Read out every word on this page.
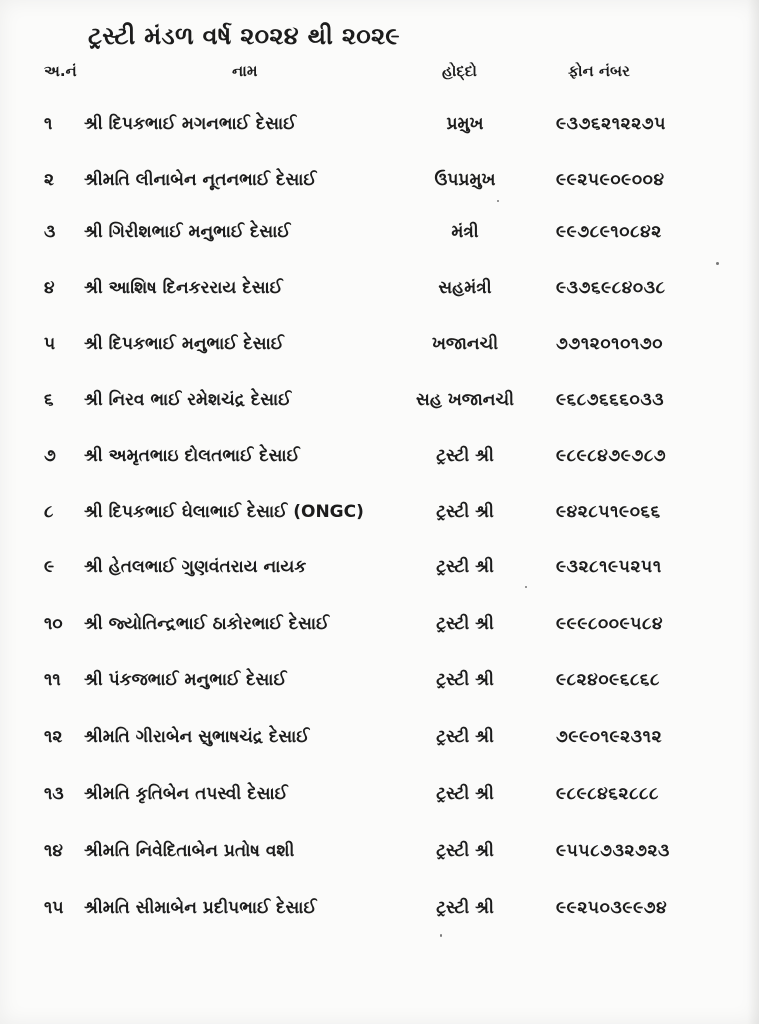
ટ્રસ્ટી મંડળ વર્ષ ૨૦૨૪ થી ૨૦૨૯
અ.નં	નામ	હોદ્દો	ફોન નંબર
૧ શ્રી દિપકભાઈ મગનભાઈ દેસાઈ	પ્રમુખ	૯૩૭૬૨૧૨૨૭૫
૨ શ્રીમતિ લીનાબેન નૂતનભાઈ દેસાઈ	ઉપપ્રમુખ	૯૯૨૫૯૦૯૦૦૪
૩ શ્રી ગિરીશભાઈ મનુભાઈ દેસાઈ	મંત્રી	૯૯૭૮૯૧૦૮૪૨
૪ શ્રી આશિષ દિનકરરાય દેસાઈ	સહમંત્રી	૯૩૭૬૯૮૪૦૩૮
૫ શ્રી દિપકભાઈ મનુભાઈ દેસાઈ	ખજાનચી	૭૭૧૨૦૧૦૧૭૦
૬ શ્રી નિરવ ભાઈ રમેશચંદ્ર દેસાઈ	સહ ખજાનચી	૯૬૮૭૬૬૬૦૩૩
૭ શ્રી અમૃતભાઇ દોલતભાઈ દેસાઈ	ટ્રસ્ટી શ્રી	૯૮૯૮૪૭૯૭૮૭
૮ શ્રી દિપકભાઈ ઘેલાભાઈ દેસાઈ (ONGC)	ટ્રસ્ટી શ્રી	૯૪૨૮૫૧૯૦૬૬
૯ શ્રી હેતલભાઈ ગુણવંતરાય નાયક	ટ્રસ્ટી શ્રી	૯૩૨૮૧૯૫૨૫૧
૧૦ શ્રી જ્યોતિન્દ્રભાઈ ઠાકોરભાઈ દેસાઈ	ટ્રસ્ટી શ્રી	૯૯૯૮૦૦૯૫૮૪
૧૧ શ્રી પંકજભાઈ મનુભાઈ દેસાઈ	ટ્રસ્ટી શ્રી	૯૮૨૪૦૯૬૮૬૮
૧૨ શ્રીમતિ ગીરાબેન સુભાષચંદ્ર દેસાઈ	ટ્રસ્ટી શ્રી	૭૯૯૦૧૯૨૩૧૨
૧૩ શ્રીમતિ કૃતિબેન તપસ્વી દેસાઈ	ટ્રસ્ટી શ્રી	૯૮૯૮૪૬૨૮૮૮
૧૪ શ્રીમતિ નિવેદિતાબેન પ્રતોષ વશી	ટ્રસ્ટી શ્રી	૯૫૫૮૭૩૨૭૨૩
૧૫ શ્રીમતિ સીમાબેન પ્રદીપભાઈ દેસાઈ	ટ્રસ્ટી શ્રી	૯૯૨૫૦૩૯૯૭૪
